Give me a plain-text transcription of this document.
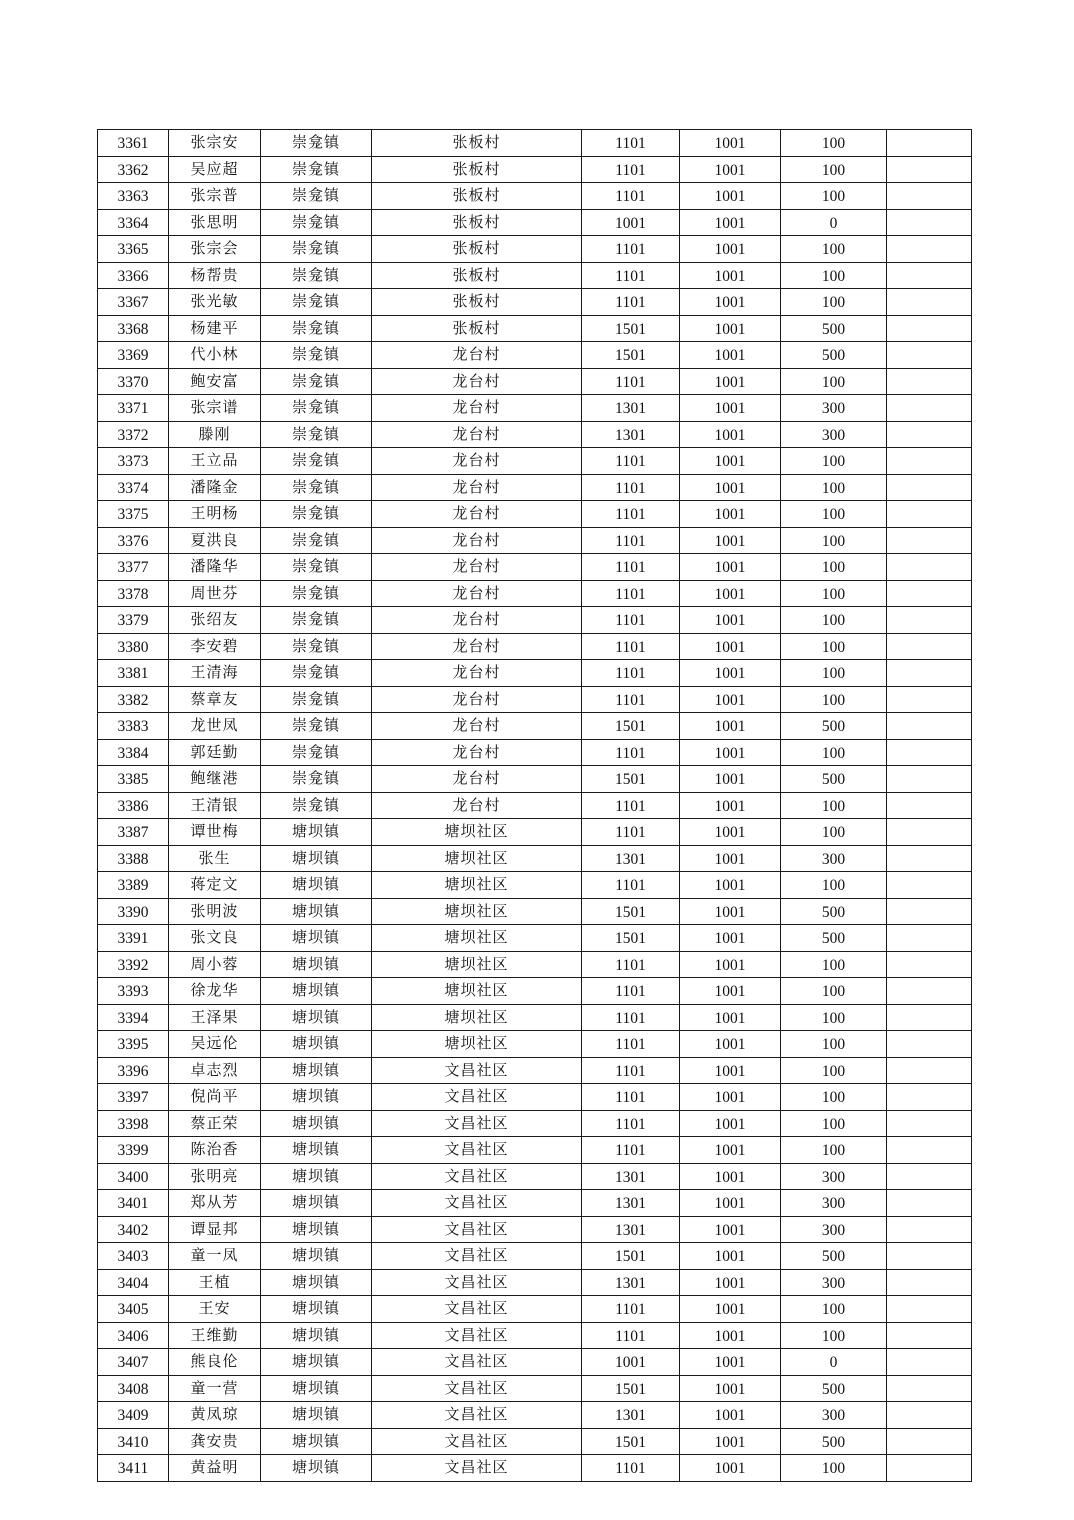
3361	张宗安	崇龛镇	张板村	1101	1001	100	
3362	吴应超	崇龛镇	张板村	1101	1001	100	
3363	张宗普	崇龛镇	张板村	1101	1001	100	
3364	张思明	崇龛镇	张板村	1001	1001	0	
3365	张宗会	崇龛镇	张板村	1101	1001	100	
3366	杨帮贵	崇龛镇	张板村	1101	1001	100	
3367	张光敏	崇龛镇	张板村	1101	1001	100	
3368	杨建平	崇龛镇	张板村	1501	1001	500	
3369	代小林	崇龛镇	龙台村	1501	1001	500	
3370	鲍安富	崇龛镇	龙台村	1101	1001	100	
3371	张宗谱	崇龛镇	龙台村	1301	1001	300	
3372	滕刚	崇龛镇	龙台村	1301	1001	300	
3373	王立品	崇龛镇	龙台村	1101	1001	100	
3374	潘隆金	崇龛镇	龙台村	1101	1001	100	
3375	王明杨	崇龛镇	龙台村	1101	1001	100	
3376	夏洪良	崇龛镇	龙台村	1101	1001	100	
3377	潘隆华	崇龛镇	龙台村	1101	1001	100	
3378	周世芬	崇龛镇	龙台村	1101	1001	100	
3379	张绍友	崇龛镇	龙台村	1101	1001	100	
3380	李安碧	崇龛镇	龙台村	1101	1001	100	
3381	王清海	崇龛镇	龙台村	1101	1001	100	
3382	蔡章友	崇龛镇	龙台村	1101	1001	100	
3383	龙世凤	崇龛镇	龙台村	1501	1001	500	
3384	郭廷勤	崇龛镇	龙台村	1101	1001	100	
3385	鲍继港	崇龛镇	龙台村	1501	1001	500	
3386	王清银	崇龛镇	龙台村	1101	1001	100	
3387	谭世梅	塘坝镇	塘坝社区	1101	1001	100	
3388	张生	塘坝镇	塘坝社区	1301	1001	300	
3389	蒋定文	塘坝镇	塘坝社区	1101	1001	100	
3390	张明波	塘坝镇	塘坝社区	1501	1001	500	
3391	张文良	塘坝镇	塘坝社区	1501	1001	500	
3392	周小蓉	塘坝镇	塘坝社区	1101	1001	100	
3393	徐龙华	塘坝镇	塘坝社区	1101	1001	100	
3394	王泽果	塘坝镇	塘坝社区	1101	1001	100	
3395	吴远伦	塘坝镇	塘坝社区	1101	1001	100	
3396	卓志烈	塘坝镇	文昌社区	1101	1001	100	
3397	倪尚平	塘坝镇	文昌社区	1101	1001	100	
3398	蔡正荣	塘坝镇	文昌社区	1101	1001	100	
3399	陈治香	塘坝镇	文昌社区	1101	1001	100	
3400	张明亮	塘坝镇	文昌社区	1301	1001	300	
3401	郑从芳	塘坝镇	文昌社区	1301	1001	300	
3402	谭显邦	塘坝镇	文昌社区	1301	1001	300	
3403	童一凤	塘坝镇	文昌社区	1501	1001	500	
3404	王植	塘坝镇	文昌社区	1301	1001	300	
3405	王安	塘坝镇	文昌社区	1101	1001	100	
3406	王维勤	塘坝镇	文昌社区	1101	1001	100	
3407	熊良伦	塘坝镇	文昌社区	1001	1001	0	
3408	童一营	塘坝镇	文昌社区	1501	1001	500	
3409	黄凤琼	塘坝镇	文昌社区	1301	1001	300	
3410	龚安贵	塘坝镇	文昌社区	1501	1001	500	
3411	黄益明	塘坝镇	文昌社区	1101	1001	100	
